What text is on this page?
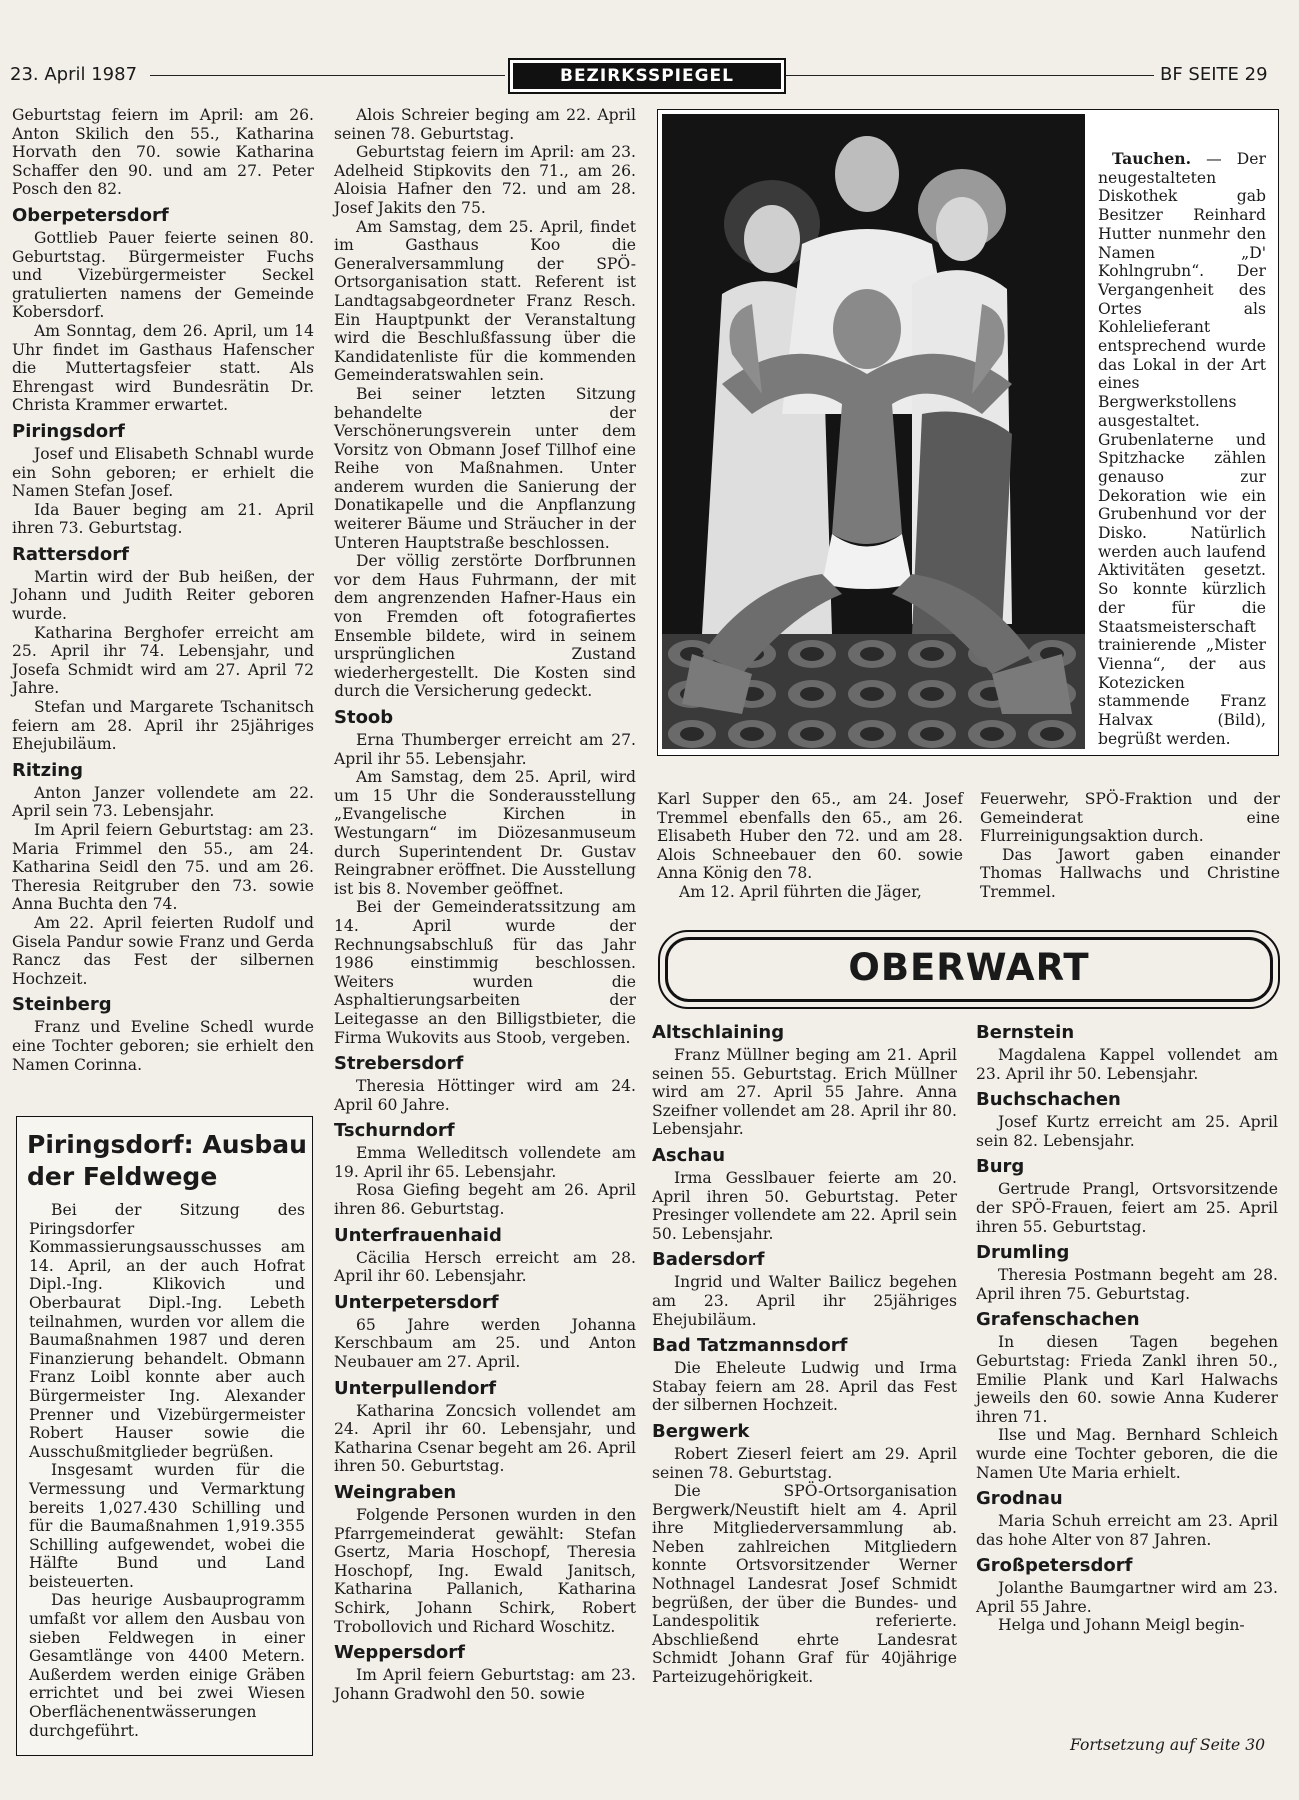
23. April 1987	BEZIRKSSPIEGEL	BF SEITE 29

Geburtstag feiern im April: am 26. Anton Skilich den 55., Katharina Horvath den 70. sowie Katharina Schaffer den 90. und am 27. Peter Posch den 82.

Oberpetersdorf

Gottlieb Pauer feierte seinen 80. Geburtstag. Bürgermeister Fuchs und Vizebürgermeister Seckel gratulierten namens der Gemeinde Kobersdorf.

Am Sonntag, dem 26. April, um 14 Uhr findet im Gasthaus Hafenscher die Muttertagsfeier statt. Als Ehrengast wird Bundesrätin Dr. Christa Krammer erwartet.

Piringsdorf

Josef und Elisabeth Schnabl wurde ein Sohn geboren; er erhielt die Namen Stefan Josef.

Ida Bauer beging am 21. April ihren 73. Geburtstag.

Rattersdorf

Martin wird der Bub heißen, der Johann und Judith Reiter geboren wurde.

Katharina Berghofer erreicht am 25. April ihr 74. Lebensjahr, und Josefa Schmidt wird am 27. April 72 Jahre.

Stefan und Margarete Tschanitsch feiern am 28. April ihr 25jähriges Ehejubiläum.

Ritzing

Anton Janzer vollendete am 22. April sein 73. Lebensjahr.

Im April feiern Geburtstag: am 23. Maria Frimmel den 55., am 24. Katharina Seidl den 75. und am 26. Theresia Reitgruber den 73. sowie Anna Buchta den 74.

Am 22. April feierten Rudolf und Gisela Pandur sowie Franz und Gerda Rancz das Fest der silbernen Hochzeit.

Steinberg

Franz und Eveline Schedl wurde eine Tochter geboren; sie erhielt den Namen Corinna.

Piringsdorf: Ausbau der Feldwege

Bei der Sitzung des Piringsdorfer Kommassierungsausschusses am 14. April, an der auch Hofrat Dipl.-Ing. Klikovich und Oberbaurat Dipl.-Ing. Lebeth teilnahmen, wurden vor allem die Baumaßnahmen 1987 und deren Finanzierung behandelt. Obmann Franz Loibl konnte aber auch Bürgermeister Ing. Alexander Prenner und Vizebürgermeister Robert Hauser sowie die Ausschußmitglieder begrüßen.

Insgesamt wurden für die Vermessung und Vermarktung bereits 1,027.430 Schilling und für die Baumaßnahmen 1,919.355 Schilling aufgewendet, wobei die Hälfte Bund und Land beisteuerten.

Das heurige Ausbauprogramm umfaßt vor allem den Ausbau von sieben Feldwegen in einer Gesamtlänge von 4400 Metern. Außerdem werden einige Gräben errichtet und bei zwei Wiesen Oberflächenentwässerungen durchgeführt.

Alois Schreier beging am 22. April seinen 78. Geburtstag.

Geburtstag feiern im April: am 23. Adelheid Stipkovits den 71., am 26. Aloisia Hafner den 72. und am 28. Josef Jakits den 75.

Am Samstag, dem 25. April, findet im Gasthaus Koo die Generalversammlung der SPÖ-Ortsorganisation statt. Referent ist Landtagsabgeordneter Franz Resch. Ein Hauptpunkt der Veranstaltung wird die Beschlußfassung über die Kandidatenliste für die kommenden Gemeinderatswahlen sein.

Bei seiner letzten Sitzung behandelte der Verschönerungsverein unter dem Vorsitz von Obmann Josef Tillhof eine Reihe von Maßnahmen. Unter anderem wurden die Sanierung der Donatikapelle und die Anpflanzung weiterer Bäume und Sträucher in der Unteren Hauptstraße beschlossen.

Der völlig zerstörte Dorfbrunnen vor dem Haus Fuhrmann, der mit dem angrenzenden Hafner-Haus ein von Fremden oft fotografiertes Ensemble bildete, wird in seinem ursprünglichen Zustand wiederhergestellt. Die Kosten sind durch die Versicherung gedeckt.

Stoob

Erna Thumberger erreicht am 27. April ihr 55. Lebensjahr.

Am Samstag, dem 25. April, wird um 15 Uhr die Sonderausstellung „Evangelische Kirchen in Westungarn“ im Diözesanmuseum durch Superintendent Dr. Gustav Reingrabner eröffnet. Die Ausstellung ist bis 8. November geöffnet.

Bei der Gemeinderatssitzung am 14. April wurde der Rechnungsabschluß für das Jahr 1986 einstimmig beschlossen. Weiters wurden die Asphaltierungsarbeiten der Leitegasse an den Billigstbieter, die Firma Wukovits aus Stoob, vergeben.

Strebersdorf

Theresia Höttinger wird am 24. April 60 Jahre.

Tschurndorf

Emma Welleditsch vollendete am 19. April ihr 65. Lebensjahr.

Rosa Giefing begeht am 26. April ihren 86. Geburtstag.

Unterfrauenhaid

Cäcilia Hersch erreicht am 28. April ihr 60. Lebensjahr.

Unterpetersdorf

65 Jahre werden Johanna Kerschbaum am 25. und Anton Neubauer am 27. April.

Unterpullendorf

Katharina Zoncsich vollendet am 24. April ihr 60. Lebensjahr, und Katharina Csenar begeht am 26. April ihren 50. Geburtstag.

Weingraben

Folgende Personen wurden in den Pfarrgemeinderat gewählt: Stefan Gsertz, Maria Hoschopf, Theresia Hoschopf, Ing. Ewald Janitsch, Katharina Pallanich, Katharina Schirk, Johann Schirk, Robert Trobollovich und Richard Woschitz.

Weppersdorf

Im April feiern Geburtstag: am 23. Johann Gradwohl den 50. sowie

Tauchen. — Der neugestalteten Diskothek gab Besitzer Reinhard Hutter nunmehr den Namen „D' Kohlngrubn“. Der Vergangenheit des Ortes als Kohlelieferant entsprechend wurde das Lokal in der Art eines Bergwerkstollens ausgestaltet. Grubenlaterne und Spitzhacke zählen genauso zur Dekoration wie ein Grubenhund vor der Disko. Natürlich werden auch laufend Aktivitäten gesetzt. So konnte kürzlich der für die Staatsmeisterschaft trainierende „Mister Vienna“, der aus Kotezicken stammende Franz Halvax (Bild), begrüßt werden.

Karl Supper den 65., am 24. Josef Tremmel ebenfalls den 65., am 26. Elisabeth Huber den 72. und am 28. Alois Schneebauer den 60. sowie Anna König den 78.

Am 12. April führten die Jäger,

Feuerwehr, SPÖ-Fraktion und der Gemeinderat eine Flurreinigungsaktion durch.

Das Jawort gaben einander Thomas Hallwachs und Christine Tremmel.

OBERWART
Altschlaining

Franz Müllner beging am 21. April seinen 55. Geburtstag. Erich Müllner wird am 27. April 55 Jahre. Anna Szeifner vollendet am 28. April ihr 80. Lebensjahr.

Aschau

Irma Gesslbauer feierte am 20. April ihren 50. Geburtstag. Peter Presinger vollendete am 22. April sein 50. Lebensjahr.

Badersdorf

Ingrid und Walter Bailicz begehen am 23. April ihr 25jähriges Ehejubiläum.

Bad Tatzmannsdorf

Die Eheleute Ludwig und Irma Stabay feiern am 28. April das Fest der silbernen Hochzeit.

Bergwerk

Robert Zieserl feiert am 29. April seinen 78. Geburtstag.

Die SPÖ-Ortsorganisation Bergwerk/Neustift hielt am 4. April ihre Mitgliederversammlung ab. Neben zahlreichen Mitgliedern konnte Ortsvorsitzender Werner Nothnagel Landesrat Josef Schmidt begrüßen, der über die Bundes- und Landespolitik referierte. Abschließend ehrte Landesrat Schmidt Johann Graf für 40jährige Parteizugehörigkeit.

Bernstein

Magdalena Kappel vollendet am 23. April ihr 50. Lebensjahr.

Buchschachen

Josef Kurtz erreicht am 25. April sein 82. Lebensjahr.

Burg

Gertrude Prangl, Ortsvorsitzende der SPÖ-Frauen, feiert am 25. April ihren 55. Geburtstag.

Drumling

Theresia Postmann begeht am 28. April ihren 75. Geburtstag.

Grafenschachen

In diesen Tagen begehen Geburtstag: Frieda Zankl ihren 50., Emilie Plank und Karl Halwachs jeweils den 60. sowie Anna Kuderer ihren 71.

Ilse und Mag. Bernhard Schleich wurde eine Tochter geboren, die die Namen Ute Maria erhielt.

Grodnau

Maria Schuh erreicht am 23. April das hohe Alter von 87 Jahren.

Großpetersdorf

Jolanthe Baumgartner wird am 23. April 55 Jahre.

Helga und Johann Meigl begin-

Fortsetzung auf Seite 30
